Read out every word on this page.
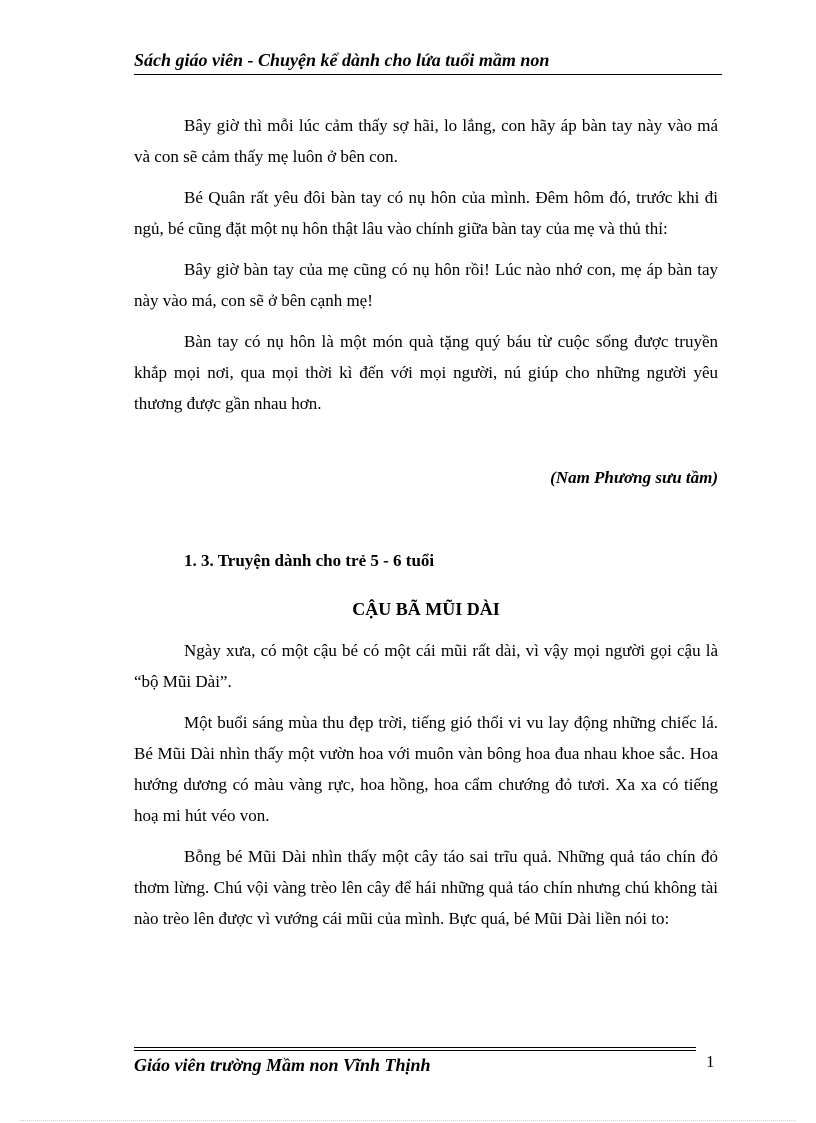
Sách giáo viên - Chuyện kể dành cho lứa tuổi mầm non

Bây giờ thì mỗi lúc cảm thấy sợ hãi, lo lắng, con hãy áp bàn tay này vào má và con sẽ cảm thấy mẹ luôn ở bên con.

Bé Quân rất yêu đôi bàn tay có nụ hôn của mình. Đêm hôm đó, trước khi đi ngủ, bé cũng đặt một nụ hôn thật lâu vào chính giữa bàn tay của mẹ và thủ thỉ:

Bây giờ bàn tay của mẹ cũng có nụ hôn rồi! Lúc nào nhớ con, mẹ áp bàn tay này vào má, con sẽ ở bên cạnh mẹ!

Bàn tay có nụ hôn là một món quà tặng quý báu từ cuộc sống được truyền khắp mọi nơi, qua mọi thời kì đến với mọi người, nú giúp cho những người yêu thương được gần nhau hơn.

(Nam Phương sưu tầm)
1. 3. Truyện dành cho trẻ 5 - 6 tuổi
CẬU BÃ MŨI DÀI

Ngày xưa, có một cậu bé có một cái mũi rất dài, vì vậy mọi người gọi cậu là “bộ Mũi Dài”.

Một buổi sáng mùa thu đẹp trời, tiếng gió thổi vi vu lay động những chiếc lá. Bé Mũi Dài nhìn thấy một vườn hoa với muôn vàn bông hoa đua nhau khoe sắc. Hoa hướng dương có màu vàng rực, hoa hồng, hoa cẩm chướng đỏ tươi. Xa xa có tiếng hoạ mi hút véo von.

Bỗng bé Mũi Dài nhìn thấy một cây táo sai trĩu quả. Những quả táo chín đỏ thơm lừng. Chú vội vàng trèo lên cây để hái những quả táo chín nhưng chú không tài nào trèo lên được vì vướng cái mũi của mình. Bực quá, bé Mũi Dài liền nói to:

Giáo viên trường Mầm non Vĩnh Thịnh	1
